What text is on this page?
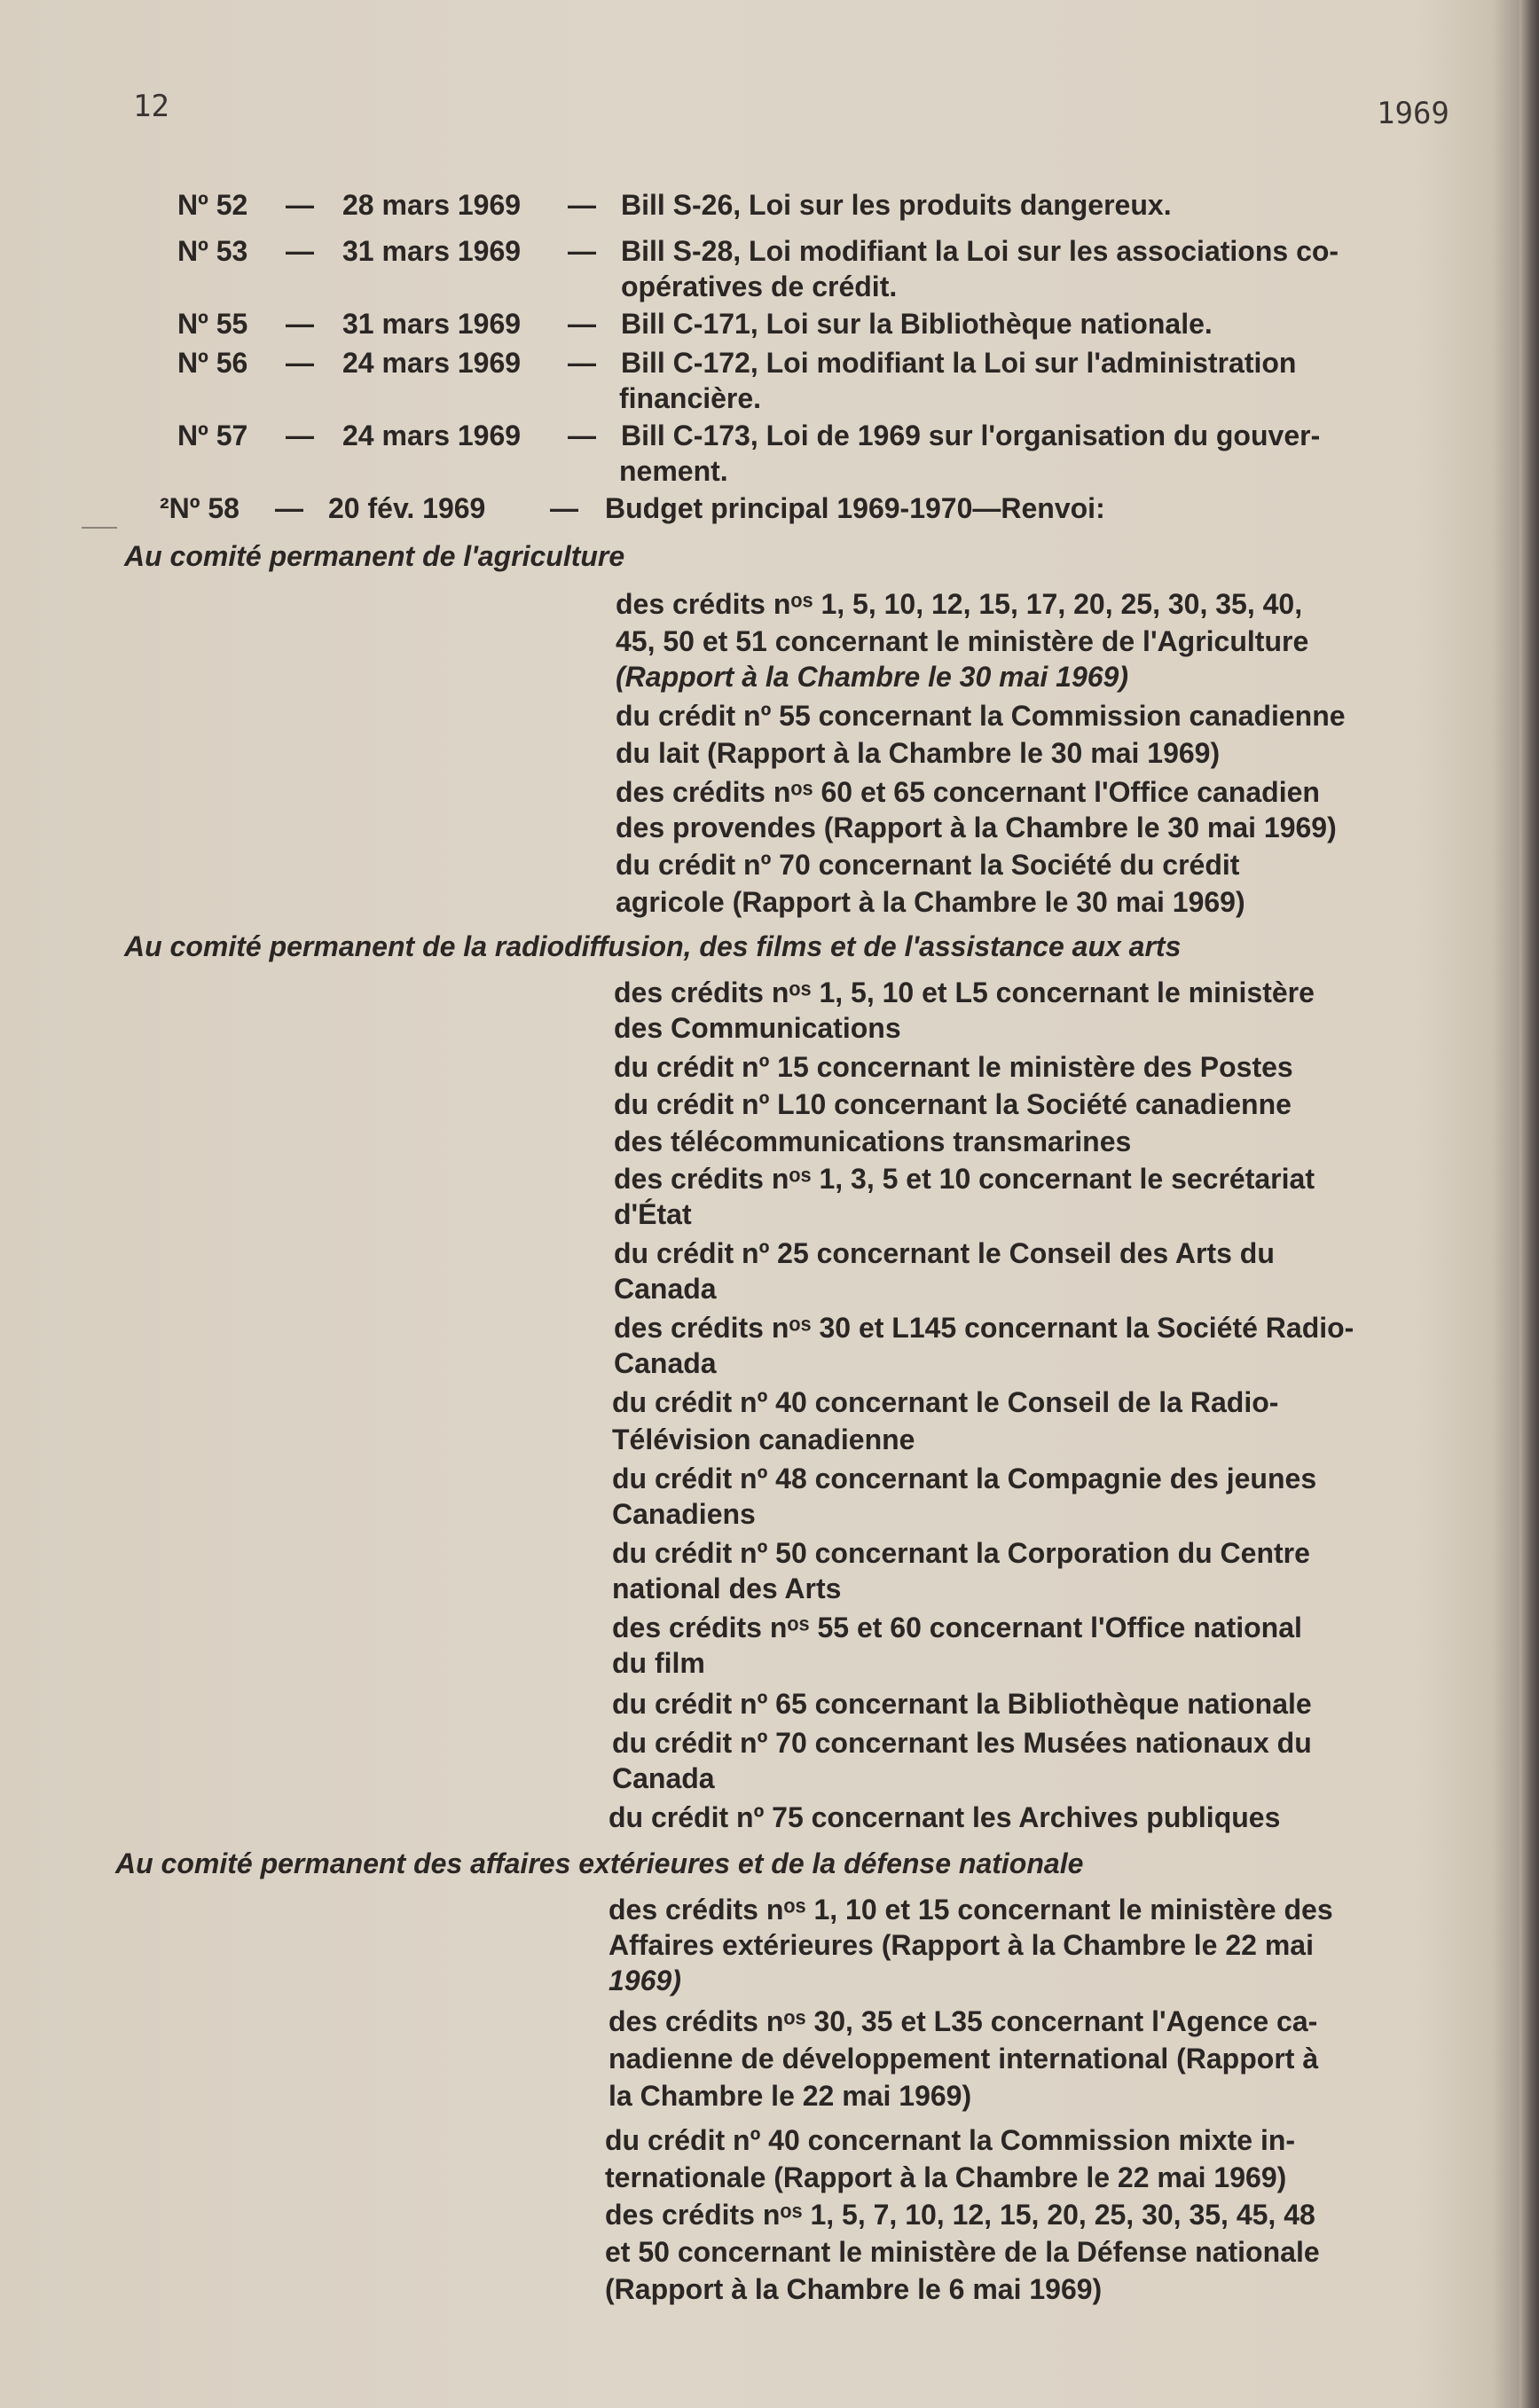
12	1969
Nº 52 — 28 mars 1969 — Bill S-26, Loi sur les produits dangereux.
Nº 53 — 31 mars 1969 — Bill S-28, Loi modifiant la Loi sur les associations co-
opératives de crédit.
Nº 55 — 31 mars 1969 — Bill C-171, Loi sur la Bibliothèque nationale.
Nº 56 — 24 mars 1969 — Bill C-172, Loi modifiant la Loi sur l'administration
financière.
Nº 57 — 24 mars 1969 — Bill C-173, Loi de 1969 sur l'organisation du gouver-
nement.
²Nº 58 — 20 fév. 1969 — Budget principal 1969-1970—Renvoi:
Au comité permanent de l'agriculture
des crédits nᵒˢ 1, 5, 10, 12, 15, 17, 20, 25, 30, 35, 40,
45, 50 et 51 concernant le ministère de l'Agriculture
(Rapport à la Chambre le 30 mai 1969)
du crédit nº 55 concernant la Commission canadienne
du lait (Rapport à la Chambre le 30 mai 1969)
des crédits nᵒˢ 60 et 65 concernant l'Office canadien
des provendes (Rapport à la Chambre le 30 mai 1969)
du crédit nº 70 concernant la Société du crédit
agricole (Rapport à la Chambre le 30 mai 1969)
Au comité permanent de la radiodiffusion, des films et de l'assistance aux arts
des crédits nᵒˢ 1, 5, 10 et L5 concernant le ministère
des Communications
du crédit nº 15 concernant le ministère des Postes
du crédit nº L10 concernant la Société canadienne
des télécommunications transmarines
des crédits nᵒˢ 1, 3, 5 et 10 concernant le secrétariat
d'État
du crédit nº 25 concernant le Conseil des Arts du
Canada
des crédits nᵒˢ 30 et L145 concernant la Société Radio-
Canada
du crédit nº 40 concernant le Conseil de la Radio-
Télévision canadienne
du crédit nº 48 concernant la Compagnie des jeunes
Canadiens
du crédit nº 50 concernant la Corporation du Centre
national des Arts
des crédits nᵒˢ 55 et 60 concernant l'Office national
du film
du crédit nº 65 concernant la Bibliothèque nationale
du crédit nº 70 concernant les Musées nationaux du
Canada
du crédit nº 75 concernant les Archives publiques
Au comité permanent des affaires extérieures et de la défense nationale
des crédits nᵒˢ 1, 10 et 15 concernant le ministère des
Affaires extérieures (Rapport à la Chambre le 22 mai
1969)
des crédits nᵒˢ 30, 35 et L35 concernant l'Agence ca-
nadienne de développement international (Rapport à
la Chambre le 22 mai 1969)
du crédit nº 40 concernant la Commission mixte in-
ternationale (Rapport à la Chambre le 22 mai 1969)
des crédits nᵒˢ 1, 5, 7, 10, 12, 15, 20, 25, 30, 35, 45, 48
et 50 concernant le ministère de la Défense nationale
(Rapport à la Chambre le 6 mai 1969)
